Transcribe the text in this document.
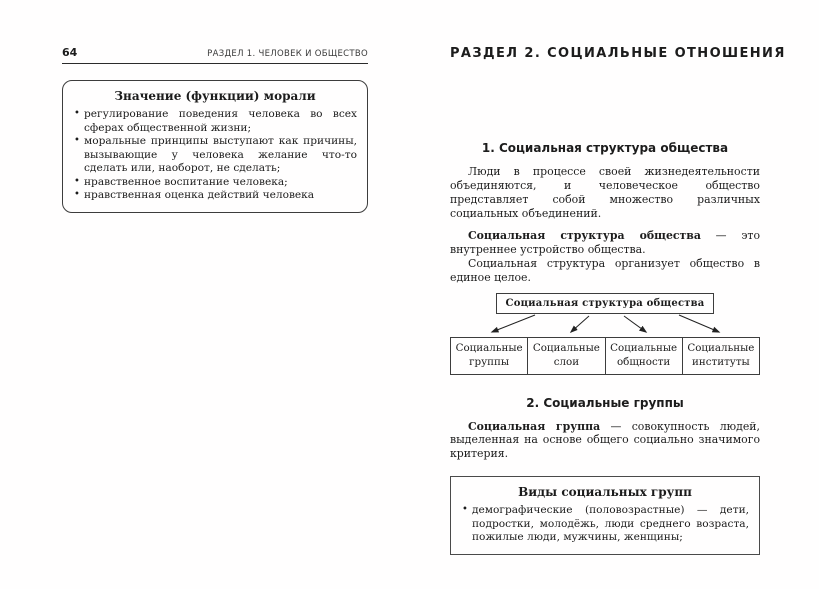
64	РАЗДЕЛ 1. ЧЕЛОВЕК И ОБЩЕСТВО
Значение (функции) морали
• регулирование поведения человека во всех сферах общественной жизни;
• моральные принципы выступают как причины, вызывающие у человека желание что-то сделать или, наоборот, не сделать;
• нравственное воспитание человека;
• нравственная оценка действий человека
РАЗДЕЛ 2. СОЦИАЛЬНЫЕ ОТНОШЕНИЯ
1. Социальная структура общества

Люди в процессе своей жизнедеятельности объединяются, и человеческое общество представляет собой множество различных социальных объединений.

Социальная структура общества — это внутреннее устройство общества.

Социальная структура организует общество в единое целое.

Социальная структура общества
Социальные группы
Социальные слои
Социальные общности
Социальные институты
2. Социальные группы

Социальная группа — совокупность людей, выделенная на основе общего социально значимого критерия.

Виды социальных групп
• демографические (половозрастные) — дети, подростки, молодёжь, люди среднего возраста, пожилые люди, мужчины, женщины;
